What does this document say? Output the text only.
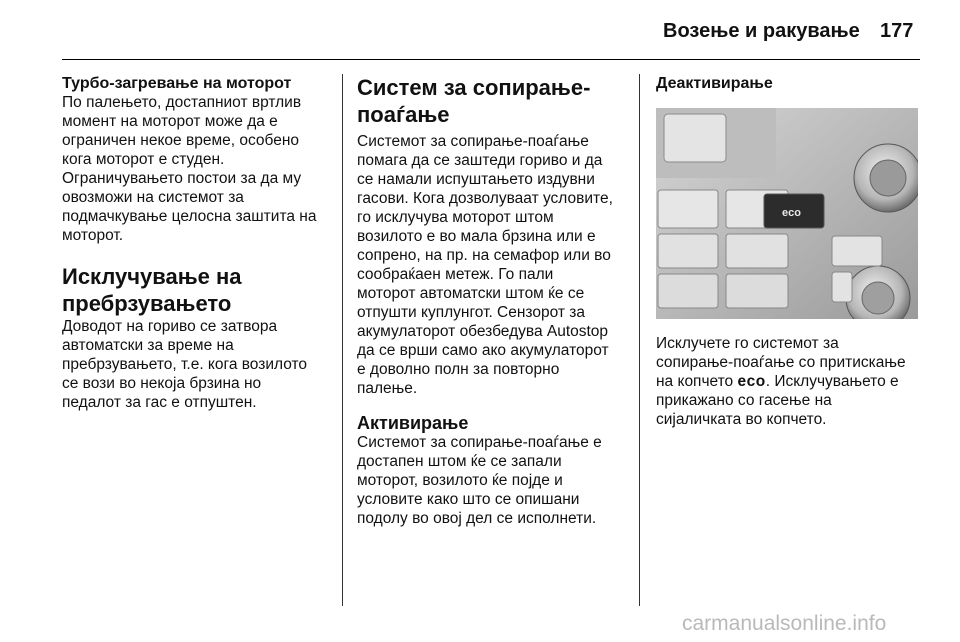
Возење и ракување 177
Турбо-загревање на моторот

По палењето, достапниот вртлив
момент на моторот може да е
ограничен некое време, особено
кога моторот е студен.
Ограничувањето постои за да му
овозможи на системот за
подмачкување целосна заштита на
моторот.

Исклучување на
пребрзувањето

Доводот на гориво се затвора
автоматски за време на
пребрзувањето, т.е. кога возилото
се вози во некоја брзина но
педалот за гас е отпуштен.

Систем за сопирање-
поаѓање

Системот за сопирање-поаѓање
помага да се заштеди гориво и да
се намали испуштањето издувни
гасови. Кога дозволуваат условите,
го исклучува моторот штом
возилото е во мала брзина или е
сопрено, на пр. на семафор или во
сообраќаен метеж. Го пали
моторот автоматски штом ќе се
отпушти куплунгот. Сензорот за
акумулаторот обезбедува Autostop
да се врши само ако акумулаторот
е доволно полн за повторно
палење.

Активирање

Системот за сопирање-поаѓање е
достапен штом ќе се запали
моторот, возилото ќе појде и
условите како што се опишани
подолу во овој дел се исполнети.

Деактивирање
eco

Исклучете го системот за
сопирање-поаѓање со притискање
на копчето eco. Исклучувањето е
прикажано со гасење на
сијаличката во копчето.

carmanualsonline.info
